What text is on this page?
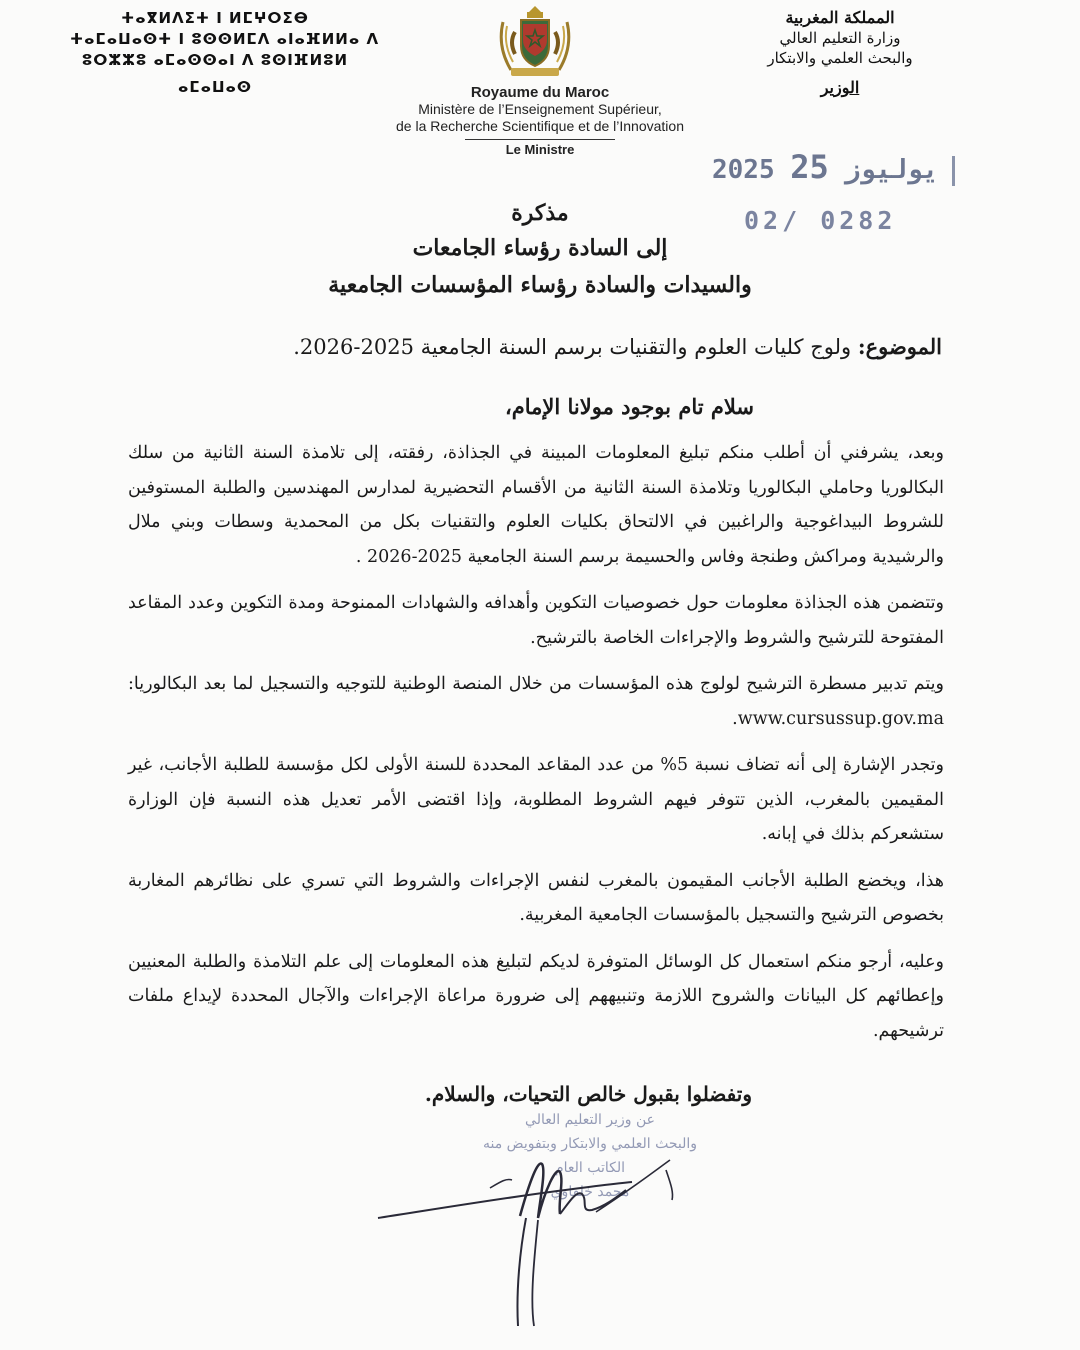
ⵜⴰⴳⵍⴷⵉⵜ ⵏ ⵍⵎⵖⵔⵉⴱ
ⵜⴰⵎⴰⵡⴰⵙⵜ ⵏ ⵓⵙⵙⵍⵎⴷ ⴰⵏⴰⴼⵍⵍⴰ ⴷ
ⵓⵔⵣⵣⵓ ⴰⵎⴰⵙⵙⴰⵏ ⴷ ⵓⵙⵏⴼⵍⵓⵍ
ⴰⵎⴰⵡⴰⵙ
المملكة المغربية
وزارة التعليم العالي
والبحث العلمي والابتكار
الوزير
Royaume du Maroc
Ministère de l’Enseignement Supérieur,
de la Recherche Scientifique et de l’Innovation
Le Ministre
2025	يوليوز 25
02/ 0282
مذكرة
إلى السادة رؤساء الجامعات
والسيدات والسادة رؤساء المؤسسات الجامعية
الموضوع: ولوج كليات العلوم والتقنيات برسم السنة الجامعية 2025-2026.
سلام تام بوجود مولانا الإمام،

وبعد، يشرفني أن أطلب منكم تبليغ المعلومات المبينة في الجذاذة، رفقته، إلى تلامذة السنة الثانية من سلك البكالوريا وحاملي البكالوريا وتلامذة السنة الثانية من الأقسام التحضيرية لمدارس المهندسين والطلبة المستوفين للشروط البيداغوجية والراغبين في الالتحاق بكليات العلوم والتقنيات بكل من المحمدية وسطات وبني ملال والرشيدية ومراكش وطنجة وفاس والحسيمة برسم السنة الجامعية 2025-2026 .

وتتضمن هذه الجذاذة معلومات حول خصوصيات التكوين وأهدافه والشهادات الممنوحة ومدة التكوين وعدد المقاعد المفتوحة للترشيح والشروط والإجراءات الخاصة بالترشيح.

ويتم تدبير مسطرة الترشيح لولوج هذه المؤسسات من خلال المنصة الوطنية للتوجيه والتسجيل لما بعد البكالوريا: www.cursussup.gov.ma.

وتجدر الإشارة إلى أنه تضاف نسبة 5% من عدد المقاعد المحددة للسنة الأولى لكل مؤسسة للطلبة الأجانب، غير المقيمين بالمغرب، الذين تتوفر فيهم الشروط المطلوبة، وإذا اقتضى الأمر تعديل هذه النسبة فإن الوزارة ستشعركم بذلك في إبانه.

هذا، ويخضع الطلبة الأجانب المقيمون بالمغرب لنفس الإجراءات والشروط التي تسري على نظائرهم المغاربة بخصوص الترشيح والتسجيل بالمؤسسات الجامعية المغربية.

وعليه، أرجو منكم استعمال كل الوسائل المتوفرة لديكم لتبليغ هذه المعلومات إلى علم التلامذة والطلبة المعنيين وإعطائهم كل البيانات والشروح اللازمة وتنبيههم إلى ضرورة مراعاة الإجراءات والآجال المحددة لإيداع ملفات ترشيحهم.

وتفضلوا بقبول خالص التحيات، والسلام.
عن وزير التعليم العالي
والبحث العلمي والابتكار وبتفويض منه
الكاتب العام
محمد خلفاوي
